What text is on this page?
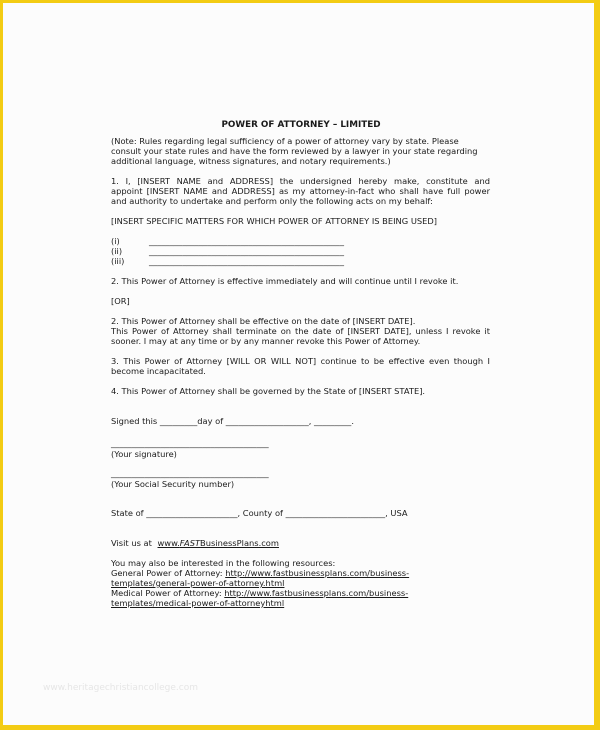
POWER OF ATTORNEY – LIMITED
(Note: Rules regarding legal sufficiency of a power of attorney vary by state. Please
consult your state rules and have the form reviewed by a lawyer in your state regarding
additional language, witness signatures, and notary requirements.)
1. I, [INSERT NAME and ADDRESS] the undersigned hereby make, constitute and
appoint [INSERT NAME and ADDRESS] as my attorney-in-fact who shall have full power
and authority to undertake and perform only the following acts on my behalf:
[INSERT SPECIFIC MATTERS FOR WHICH POWER OF ATTORNEY IS BEING USED]
(i)	_______________________________________________
(ii)	_______________________________________________
(iii)	_______________________________________________
2. This Power of Attorney is effective immediately and will continue until I revoke it.
[OR]
2. This Power of Attorney shall be effective on the date of [INSERT DATE].
This Power of Attorney shall terminate on the date of [INSERT DATE], unless I revoke it
sooner. I may at any time or by any manner revoke this Power of Attorney.
3. This Power of Attorney [WILL OR WILL NOT] continue to be effective even though I
become incapacitated.
4. This Power of Attorney shall be governed by the State of [INSERT STATE].
Signed this _________day of ____________________, _________.
______________________________________
(Your signature)
______________________________________
(Your Social Security number)
State of ______________________, County of ________________________, USA
Visit us at www.FASTBusinessPlans.com
You may also be interested in the following resources:
General Power of Attorney: http://www.fastbusinessplans.com/business-
templates/general-power-of-attorney.html
Medical Power of Attorney: http://www.fastbusinessplans.com/business-
templates/medical-power-of-attorneyhtml
www.heritagechristiancollege.com
